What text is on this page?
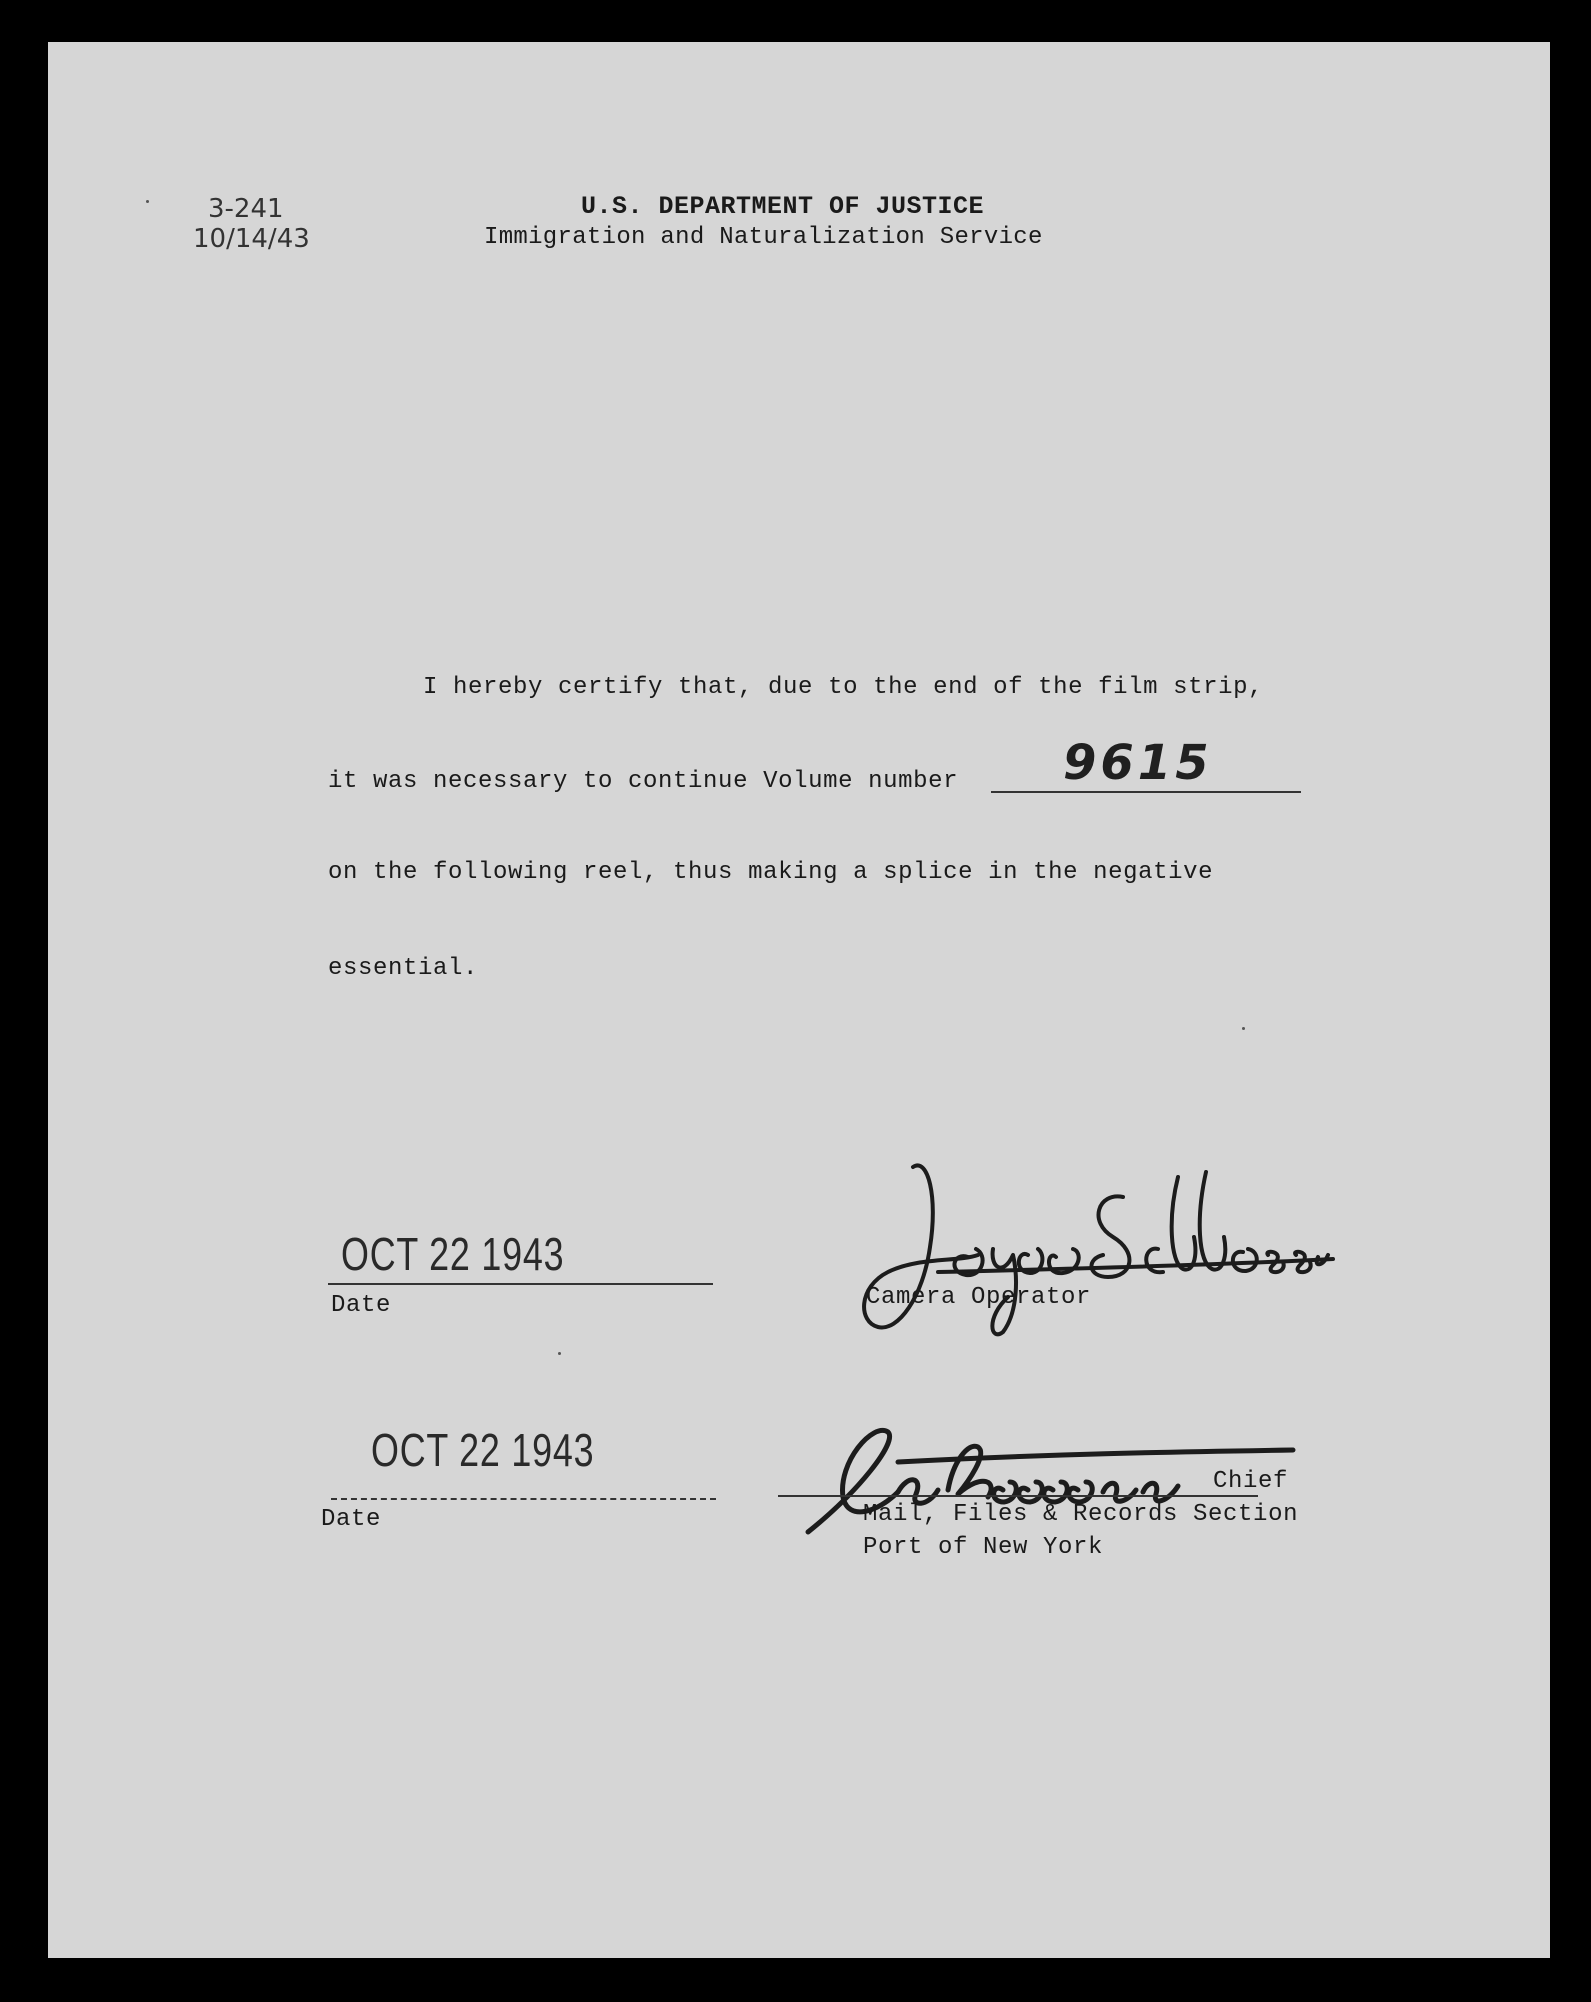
3-241
10/14/43
U.S. DEPARTMENT OF JUSTICE
Immigration and Naturalization Service
I hereby certify that, due to the end of the film strip,
it was necessary to continue Volume number 9615
on the following reel, thus making a splice in the negative
essential.
OCT 22 1943
Date	Camera Operator
OCT 22 1943
Date
Chief
Mail, Files & Records Section
Port of New York
